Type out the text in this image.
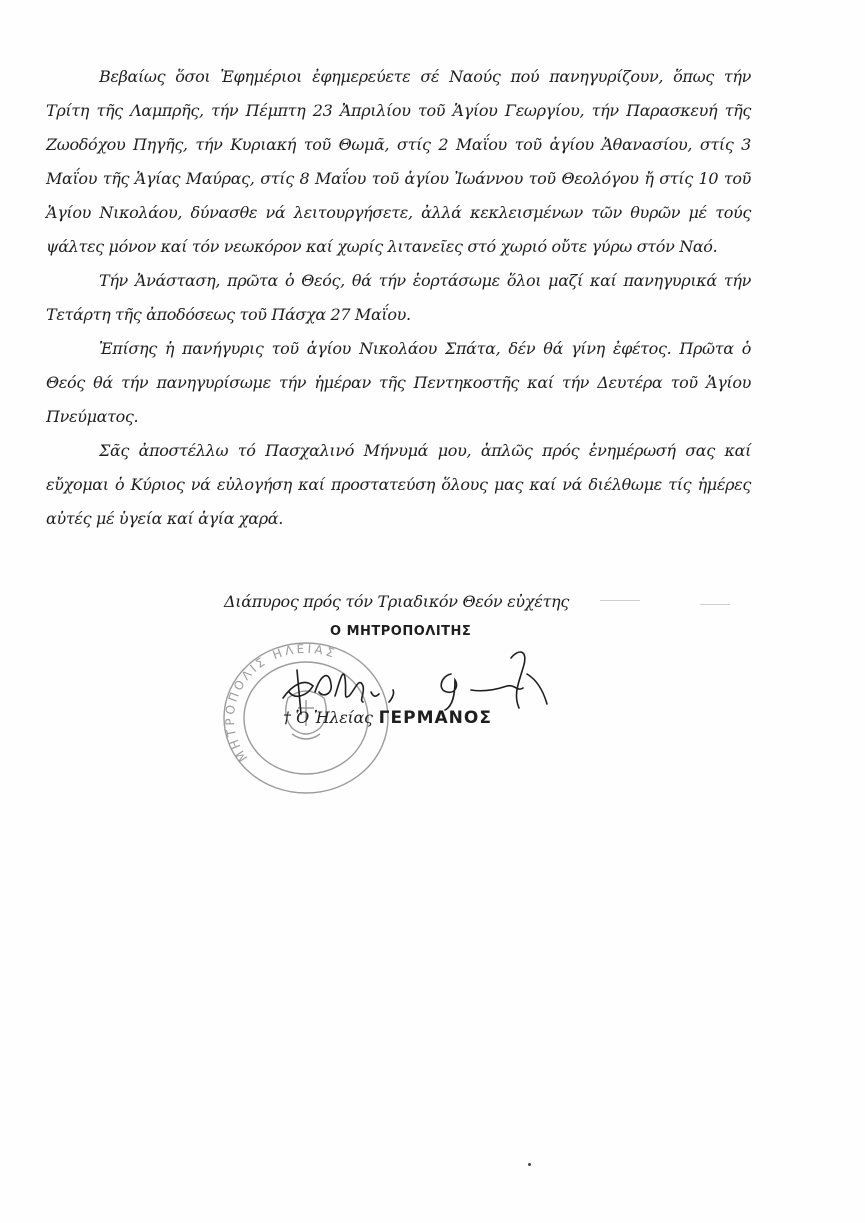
Βεβαίως ὅσοι Ἐφημέριοι ἐφημερεύετε σέ Ναούς πού πανηγυρίζουν, ὅπως τήν Τρίτη τῆς Λαμπρῆς, τήν Πέμπτη 23 Ἀπριλίου τοῦ Ἁγίου Γεωργίου, τήν Παρασκευή τῆς Ζωοδόχου Πηγῆς, τήν Κυριακή τοῦ Θωμᾶ, στίς 2 Μαΐου τοῦ ἁγίου Ἀθανασίου, στίς 3 Μαΐου τῆς Ἁγίας Μαύρας, στίς 8 Μαΐου τοῦ ἁγίου Ἰωάννου τοῦ Θεολόγου ἤ στίς 10 τοῦ Ἁγίου Νικολάου, δύνασθε νά λειτουργήσετε, ἀλλά κεκλεισμένων τῶν θυρῶν μέ τούς ψάλτες μόνον καί τόν νεωκόρον καί χωρίς λιτανεῖες στό χωριό οὔτε γύρω στόν Ναό.

Τήν Ἀνάσταση, πρῶτα ὁ Θεός, θά τήν ἑορτάσωμε ὅλοι μαζί καί πανηγυρικά τήν Τετάρτη τῆς ἀποδόσεως τοῦ Πάσχα 27 Μαΐου.

Ἐπίσης ἡ πανήγυρις τοῦ ἁγίου Νικολάου Σπάτα, δέν θά γίνη ἐφέτος. Πρῶτα ὁ Θεός θά τήν πανηγυρίσωμε τήν ἡμέραν τῆς Πεντηκοστῆς καί τήν Δευτέρα τοῦ Ἁγίου Πνεύματος.

Σᾶς ἀποστέλλω τό Πασχαλινό Μήνυμά μου, ἁπλῶς πρός ἐνημέρωσή σας καί εὔχομαι ὁ Κύριος νά εὐλογήση καί προστατεύση ὅλους μας καί νά διέλθωμε τίς ἡμέρες αὐτές μέ ὑγεία καί ἁγία χαρά.

Διάπυρος πρός τόν Τριαδικόν Θεόν εὐχέτης
Ο ΜΗΤΡΟΠΟΛΙΤΗΣ
ΜΗΤΡΟΠΟΛΙΣ ΗΛΕΙΑΣ
† Ὁ Ἠλείας ΓΕΡΜΑΝΟΣ
